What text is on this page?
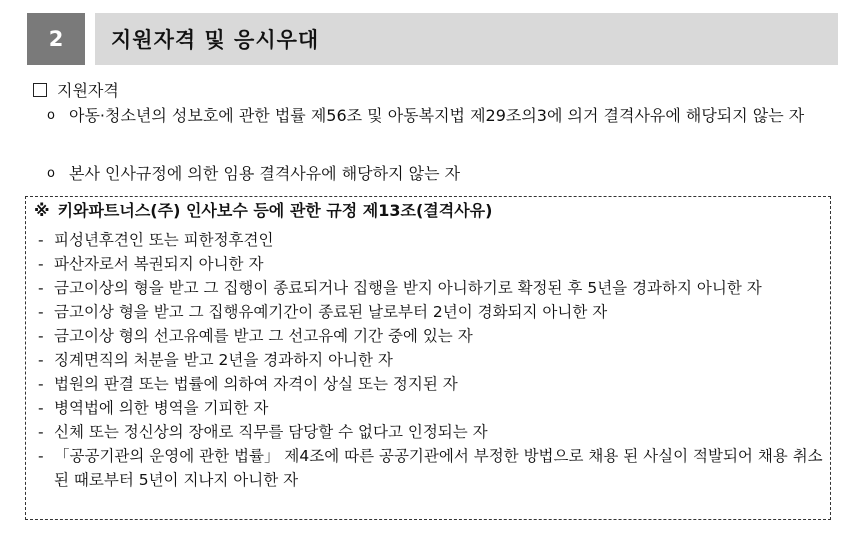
2	지원자격 및 응시우대
지원자격
o 아동·청소년의 성보호에 관한 법률 제56조 및 아동복지법 제29조의3에 의거 결격사유에 해당되지 않는 자
o 본사 인사규정에 의한 임용 결격사유에 해당하지 않는 자
※ 키와파트너스(주) 인사보수 등에 관한 규정 제13조(결격사유)
- 피성년후견인 또는 피한정후견인
- 파산자로서 복권되지 아니한 자
- 금고이상의 형을 받고 그 집행이 종료되거나 집행을 받지 아니하기로 확정된 후 5년을 경과하지 아니한 자
- 금고이상 형을 받고 그 집행유예기간이 종료된 날로부터 2년이 경화되지 아니한 자
- 금고이상 형의 선고유예를 받고 그 선고유예 기간 중에 있는 자
- 징계면직의 처분을 받고 2년을 경과하지 아니한 자
- 법원의 판결 또는 법률에 의하여 자격이 상실 또는 정지된 자
- 병역법에 의한 병역을 기피한 자
- 신체 또는 정신상의 장애로 직무를 담당할 수 없다고 인정되는 자
- 「공공기관의 운영에 관한 법률」 제4조에 따른 공공기관에서 부정한 방법으로 채용 된 사실이 적발되어 채용 취소된 때로부터 5년이 지나지 아니한 자
